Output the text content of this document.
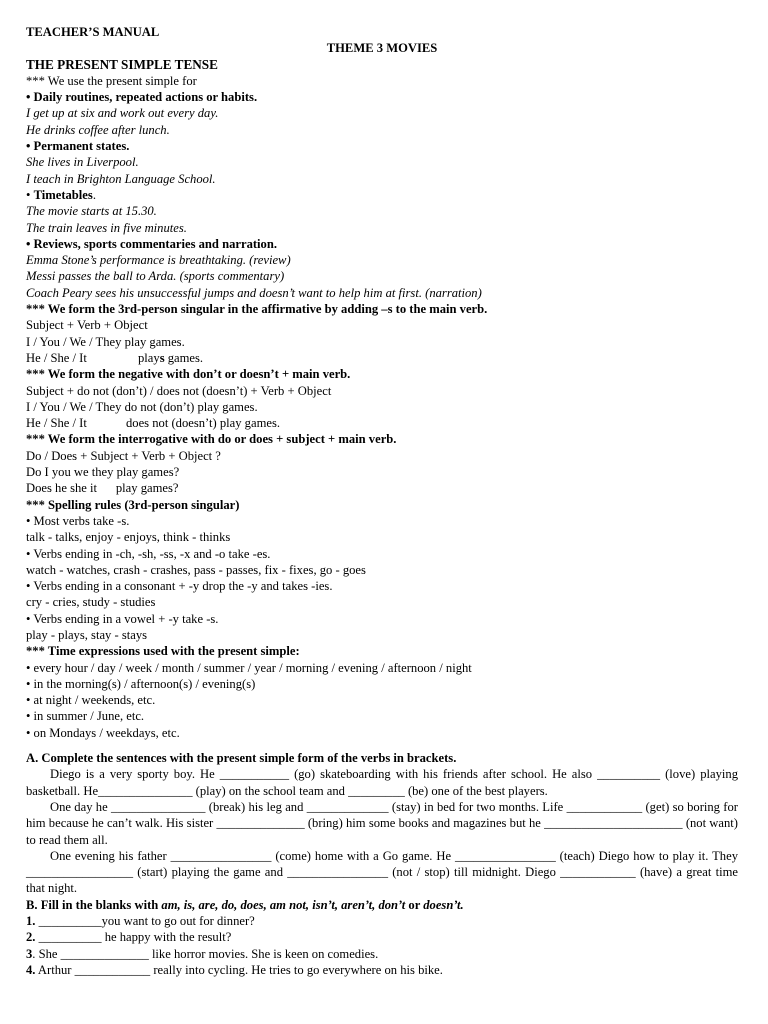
TEACHER’S MANUAL
THEME 3 MOVIES
THE PRESENT SIMPLE TENSE
*** We use the present simple for
• Daily routines, repeated actions or habits.
I get up at six and work out every day.
He drinks coffee after lunch.
• Permanent states.
She lives in Liverpool.
I teach in Brighton Language School.
• Timetables.
The movie starts at 15.30.
The train leaves in five minutes.
• Reviews, sports commentaries and narration.
Emma Stone’s performance is breathtaking. (review)
Messi passes the ball to Arda. (sports commentary)
Coach Peary sees his unsuccessful jumps and doesn’t want to help him at first. (narration)
*** We form the 3rd-person singular in the affirmative by adding –s to the main verb.
Subject + Verb + Object
I / You / We / They play games.
He / She / It	plays games.
*** We form the negative with don’t or doesn’t + main verb.
Subject + do not (don’t) / does not (doesn’t) + Verb + Object
I / You / We / They do not (don’t) play games.
He / She / It	does not (doesn’t) play games.
*** We form the interrogative with do or does + subject + main verb.
Do / Does + Subject + Verb + Object ?
Do I you we they play games?
Does he she it      play games?
*** Spelling rules (3rd-person singular)
• Most verbs take -s.
talk - talks, enjoy - enjoys, think - thinks
• Verbs ending in -ch, -sh, -ss, -x and -o take -es.
watch - watches, crash - crashes, pass - passes, fix - fixes, go - goes
• Verbs ending in a consonant + -y drop the -y and takes -ies.
cry - cries, study - studies
• Verbs ending in a vowel + -y take -s.
play - plays, stay - stays
*** Time expressions used with the present simple:
• every hour / day / week / month / summer / year / morning / evening / afternoon / night
• in the morning(s) / afternoon(s) / evening(s)
• at night / weekends, etc.
• in summer / June, etc.
• on Mondays / weekdays, etc.
A. Complete the sentences with the present simple form of the verbs in brackets.
Diego is a very sporty boy. He ___________ (go) skateboarding with his friends after school. He also __________ (love) playing basketball. He_______________ (play) on the school team and _________ (be) one of the best players.
One day he _______________ (break) his leg and _____________ (stay) in bed for two months. Life ____________ (get) so boring for him because he can’t walk. His sister ______________ (bring) him some books and magazines but he ______________________ (not want) to read them all.
One evening his father ________________ (come) home with a Go game. He ________________ (teach) Diego how to play it. They _________________ (start) playing the game and ________________ (not / stop) till midnight. Diego ____________ (have) a great time that night.
B. Fill in the blanks with am, is, are, do, does, am not, isn’t, aren’t, don’t or doesn’t.
1. __________you want to go out for dinner?
2. __________ he happy with the result?
3. She ______________ like horror movies. She is keen on comedies.
4. Arthur ____________ really into cycling. He tries to go everywhere on his bike.
